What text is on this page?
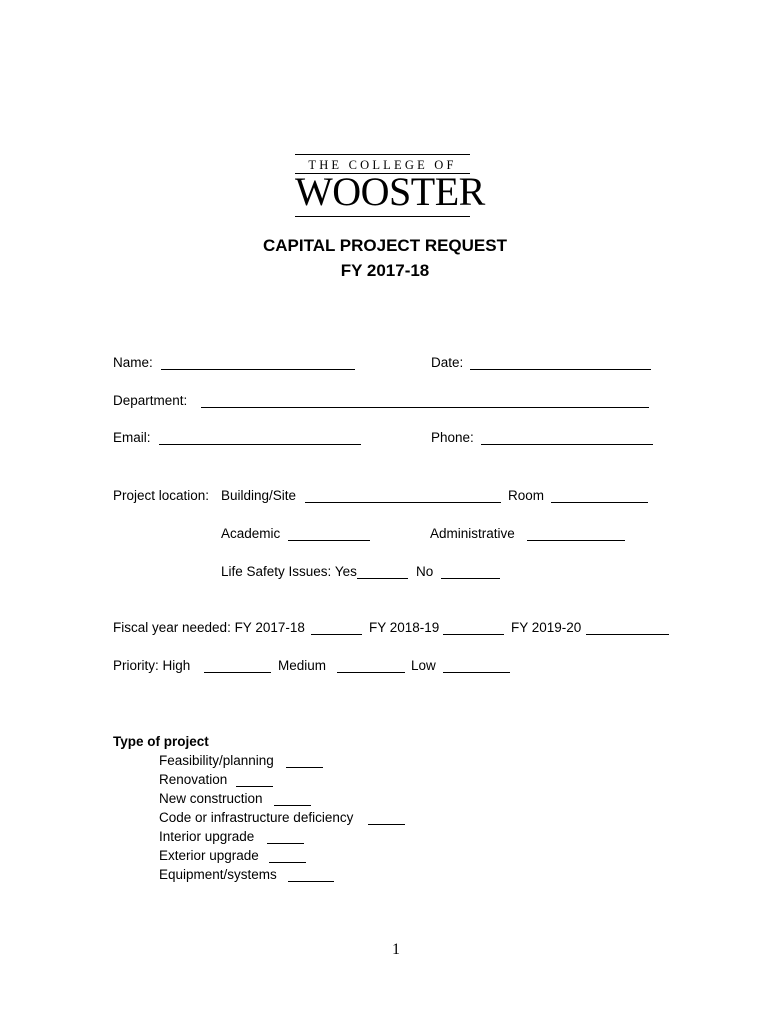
THE COLLEGE OF
WOOSTER
CAPITAL PROJECT REQUEST
FY 2017-18
Name:	Date:
Department:
Email:	Phone:
Project location: Building/Site	Room
Academic	Administrative
Life Safety Issues: Yes	No
Fiscal year needed: FY 2017-18	FY 2018-19	FY 2019-20
Priority: High	Medium	Low
Type of project
Feasibility/planning
Renovation
New construction
Code or infrastructure deficiency
Interior upgrade
Exterior upgrade
Equipment/systems
1
